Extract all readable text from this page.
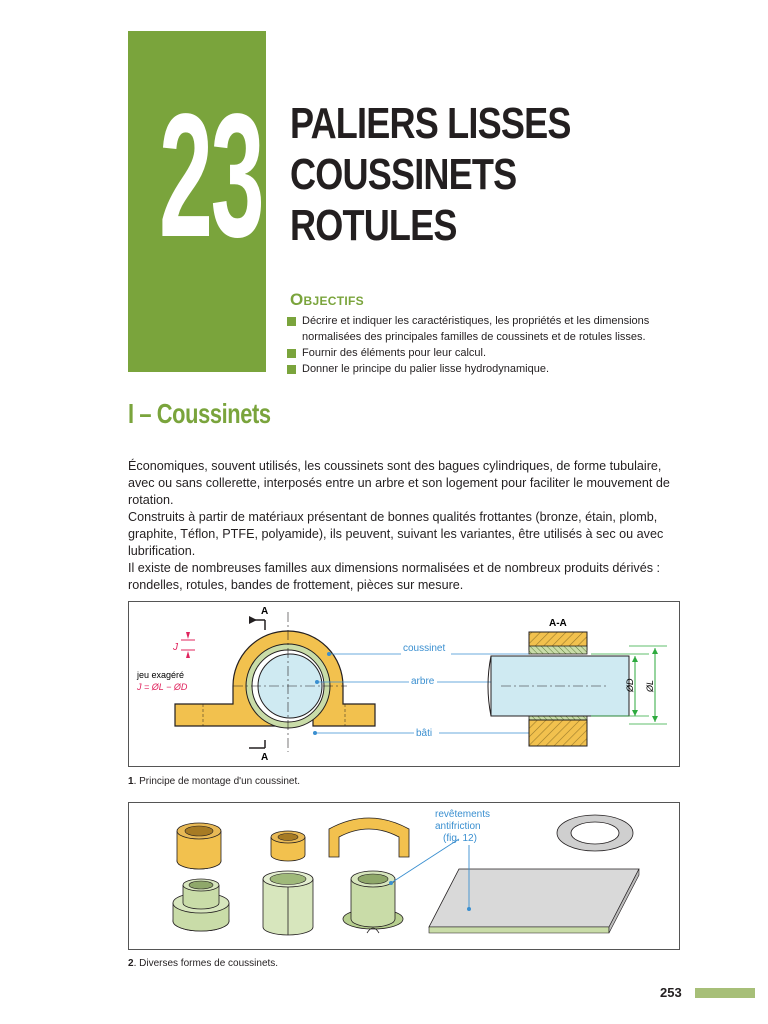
23 PALIERS LISSES
COUSSINETS
ROTULES
Objectifs
Décrire et indiquer les caractéristiques, les propriétés et les dimensions normalisées des principales familles de coussinets et de rotules lisses.
Fournir des éléments pour leur calcul.
Donner le principe du palier lisse hydrodynamique.
I – Coussinets

Économiques, souvent utilisés, les coussinets sont des bagues cylindriques, de forme tubulaire, avec ou sans collerette, interposés entre un arbre et son logement pour faciliter le mouvement de rotation.

Construits à partir de matériaux présentant de bonnes qualités frottantes (bronze, étain, plomb, graphite, Téflon, PTFE, polyamide), ils peuvent, suivant les variantes, être utilisés à sec ou avec lubrification.

Il existe de nombreuses familles aux dimensions normalisées et de nombreux produits dérivés : rondelles, rotules, bandes de frottement, pièces sur mesure.

A
A
J
jeu exagéré
J = ØL − ØD
coussinet
arbre
bâti
A-A
ØD ØL
1. Principe de montage d'un coussinet.
revêtements
antifriction
(fig. 12)
2. Diverses formes de coussinets.
253
